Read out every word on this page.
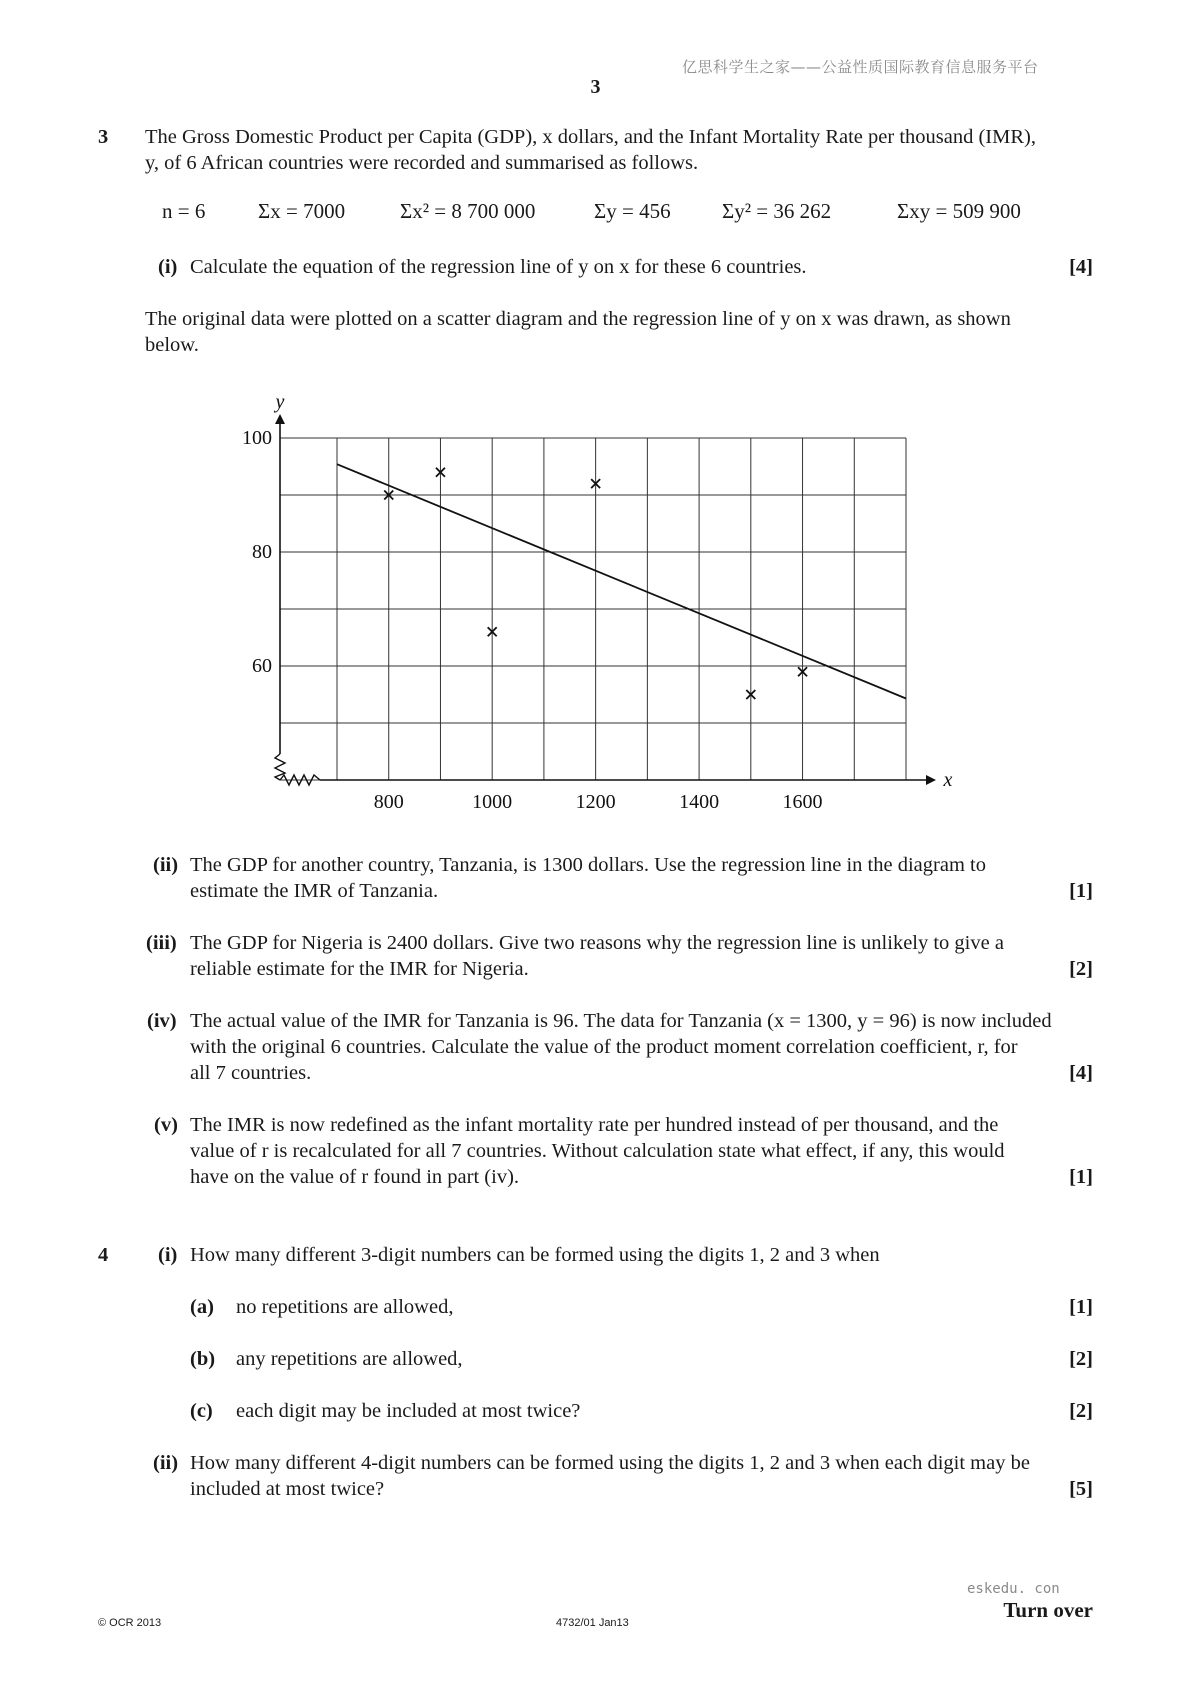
亿思科学生之家——公益性质国际教育信息服务平台
3
3 The Gross Domestic Product per Capita (GDP), x dollars, and the Infant Mortality Rate per thousand (IMR),
y, of 6 African countries were recorded and summarised as follows.
n = 6	Σx = 7000	Σx² = 8 700 000	Σy = 456 Σy² = 36 262	Σxy = 509 900
(i) Calculate the equation of the regression line of y on x for these 6 countries.	[4]
The original data were plotted on a scatter diagram and the regression line of y on x was drawn, as shown
below.
y
x
800	1000	1200	1400	1600
60
80
100
(ii) The GDP for another country, Tanzania, is 1300 dollars. Use the regression line in the diagram to
estimate the IMR of Tanzania.	[1]
(iii) The GDP for Nigeria is 2400 dollars. Give two reasons why the regression line is unlikely to give a
reliable estimate for the IMR for Nigeria.	[2]
(iv) The actual value of the IMR for Tanzania is 96. The data for Tanzania (x = 1300, y = 96) is now included
with the original 6 countries. Calculate the value of the product moment correlation coefficient, r, for
all 7 countries.	[4]
(v) The IMR is now redefined as the infant mortality rate per hundred instead of per thousand, and the
value of r is recalculated for all 7 countries. Without calculation state what effect, if any, this would
have on the value of r found in part (iv).	[1]
4 (i) How many different 3-digit numbers can be formed using the digits 1, 2 and 3 when
(a) no repetitions are allowed,	[1]
(b) any repetitions are allowed,	[2]
(c) each digit may be included at most twice?	[2]
(ii) How many different 4-digit numbers can be formed using the digits 1, 2 and 3 when each digit may be
included at most twice?	[5]
eskedu. con
© OCR 2013	4732/01 Jan13
Turn over
